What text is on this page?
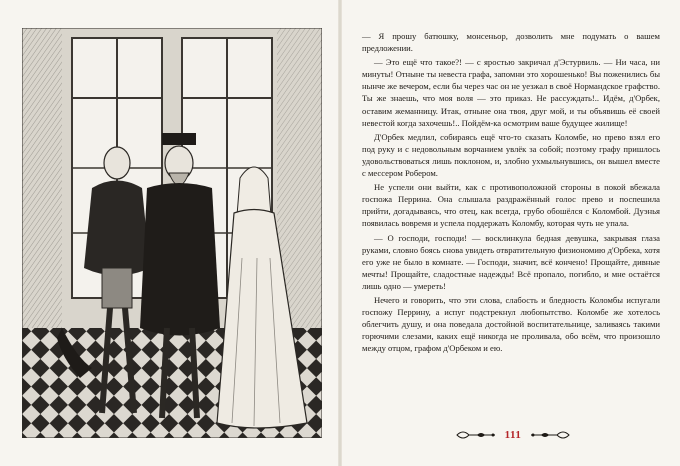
— Я прошу батюшку, монсеньор, дозволить мне подумать о вашем предложении.

— Это ещё что такое?! — с яростью закричал д'Эстурвиль. — Ни часа, ни минуты! Отныне ты невеста графа, запомни это хорошенько! Вы поженились бы нынче же вечером, если бы через час он не уезжал в своё Нормандское графство. Ты же знаешь, что моя воля — это приказ. Не рассуждать!.. Идём, д'Орбек, оставим жеманницу. Итак, отныне она твоя, друг мой, и ты объявишь её своей невестой когда захочешь!.. Пойдём-ка осмотрим ваше будущее жилище!

Д'Орбек медлил, собираясь ещё что-то сказать Коломбе, но прево взял его под руку и с недовольным ворчанием увлёк за собой; поэтому графу пришлось удовольствоваться лишь поклоном, и, злобно ухмыльнувшись, он вышел вместе с мессером Робером.

Не успели они выйти, как с противоположной стороны в покой вбежала госпожа Перрина. Она слышала раздражённый голос прево и поспешила прийти, догадываясь, что отец, как всегда, грубо обошёлся с Коломбой. Дуэнья появилась вовремя и успела поддержать Коломбу, которая чуть не упала.

— О господи, господи! — восклинкула бедная девушка, закрывая глаза руками, словно боясь снова увидеть отвратительную физиономию д'Орбека, хотя его уже не было в комнате. — Господи, значит, всё кончено! Прощайте, дивные мечты! Прощайте, сладостные надежды! Всё пропало, погибло, и мне остаётся лишь одно — умереть!

Нечего и говорить, что эти слова, слабость и бледность Коломбы испугали госпожу Перрину, а испуг подстрекнул любопытство. Коломбе же хотелось облегчить душу, и она поведала достойной воспитательнице, заливаясь такими горючими слезами, каких ещё никогда не проливала, обо всём, что произошло между отцом, графом д'Орбеком и ею.

111
